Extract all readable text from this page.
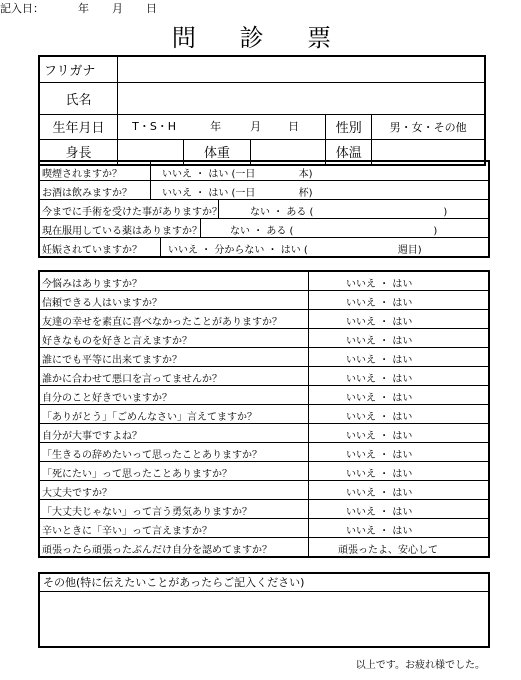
問 診 票
記入日：	年 月 日
フリガナ					
氏名					
生年月日	T・S・H 年 月 日			性別	男・女・その他
身長		体重		体温	
喫煙されますか？	いいえ ・ はい (一日　　　　 本)
お酒は飲みますか？	いいえ ・ はい (一日　　　　 杯)
今までに手術を受けた事がありますか？	ない ・ ある (　　　　　　　　　　　　　)
現在服用している薬はありますか？	ない ・ ある (　　　　　　　　　　　　　　)
妊娠されていますか？	いいえ ・ 分からない ・ はい (　　　　　　　　　週目)
今悩みはありますか？	いいえ ・ はい
信頼できる人はいますか？	いいえ ・ はい
友達の幸せを素直に喜べなかったことがありますか？	いいえ ・ はい
好きなものを好きと言えますか？	いいえ ・ はい
誰にでも平等に出来てますか？	いいえ ・ はい
誰かに合わせて悪口を言ってませんか？	いいえ ・ はい
自分のこと好きでいますか？	いいえ ・ はい
「ありがとう」「ごめんなさい」言えてますか？	いいえ ・ はい
自分が大事ですよね？	いいえ ・ はい
「生きるの辞めたいって思ったことありますか？	いいえ ・ はい
「死にたい」って思ったことありますか？	いいえ ・ はい
大丈夫ですか？	いいえ ・ はい
「大丈夫じゃない」って言う勇気ありますか？	いいえ ・ はい
辛いときに「辛い」って言えますか？	いいえ ・ はい
頑張ったら頑張ったぶんだけ自分を認めてますか？	頑張ったよ、安心して
その他(特に伝えたいことがあったらご記入ください)
以上です。お疲れ様でした。
